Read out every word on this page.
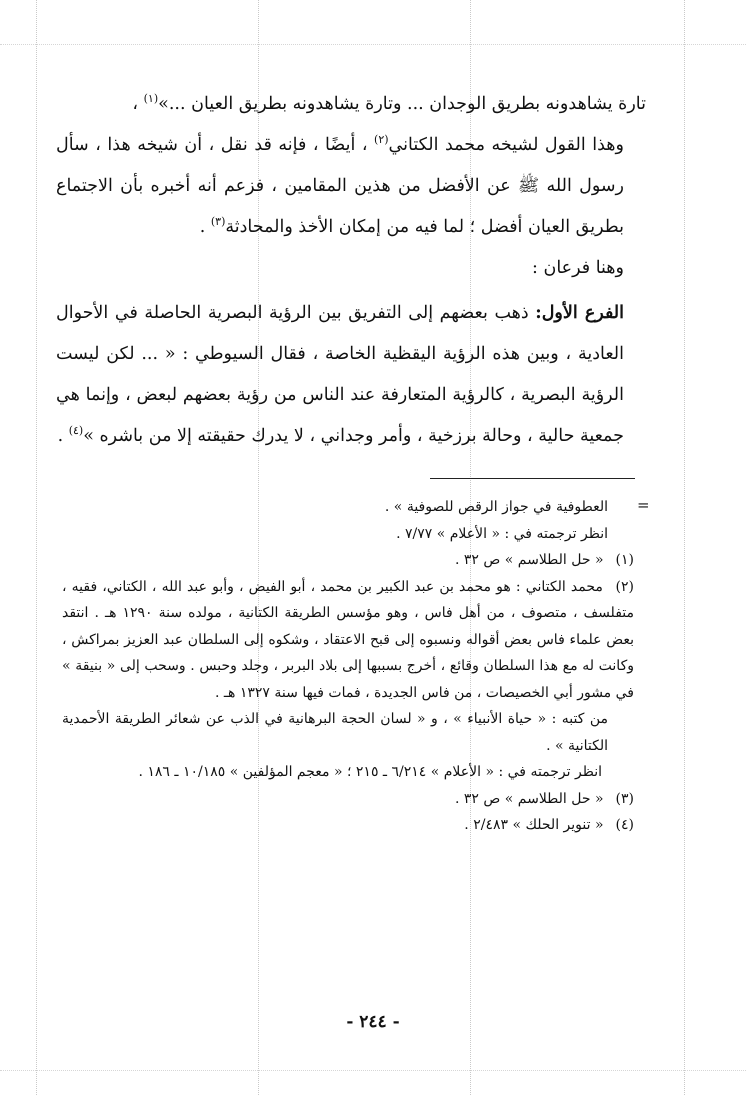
تارة يشاهدونه بطريق الوجدان ... وتارة يشاهدونه بطريق العيان ...»$^{(١)}$ ،

وهذا القول لشيخه محمد الكتاني$^{(٢)}$ ، أيضًا ، فإنه قد نقل ، أن شيخه هذا ، سأل رسول الله ﷺ عن الأفضل من هذين المقامين ، فزعم أنه أخبره بأن الاجتماع بطريق العيان أفضل ؛ لما فيه من إمكان الأخذ والمحادثة$^{(٣)}$ .

وهنا فرعان :

الفرع الأول: ذهب بعضهم إلى التفريق بين الرؤية البصرية الحاصلة في الأحوال العادية ، وبين هذه الرؤية اليقظية الخاصة ، فقال السيوطي : « ... لكن ليست الرؤية البصرية ، كالرؤية المتعارفة عند الناس من رؤية بعضهم لبعض ، وإنما هي جمعية حالية ، وحالة برزخية ، وأمر وجداني ، لا يدرك حقيقته إلا من باشره »$^{(٤)}$ .

=

العطوفية في جواز الرقص للصوفية » .

انظر ترجمته في : « الأعلام » ٧/٧٧ .

(١) « حل الطلاسم » ص ٣٢ .

(٢) محمد الكتاني : هو محمد بن عبد الكبير بن محمد ، أبو الفيض ، وأبو عبد الله ، الكتاني، فقيه ، متفلسف ، متصوف ، من أهل فاس ، وهو مؤسس الطريقة الكتانية ، مولده سنة ١٢٩٠ هـ . انتقد بعض علماء فاس بعض أقواله ونسبوه إلى قبح الاعتقاد ، وشكوه إلى السلطان عبد العزيز بمراكش ، وكانت له مع هذا السلطان وقائع ، أخرج بسببها إلى بلاد البربر ، وجلد وحبس . وسحب إلى « بنيقة » في مشور أبي الخصيصات ، من فاس الجديدة ، فمات فيها سنة ١٣٢٧ هـ .

من كتبه : « حياة الأنبياء » ، و « لسان الحجة البرهانية في الذب عن شعائر الطريقة الأحمدية الكتانية » .

انظر ترجمته في : « الأعلام » ٦/٢١٤ ـ ٢١٥ ؛ « معجم المؤلفين » ١٠/١٨٥ ـ ١٨٦ .

(٣) « حل الطلاسم » ص ٣٢ .

(٤) « تنوير الحلك » ٢/٤٨٣ .

- ٢٤٤ -
